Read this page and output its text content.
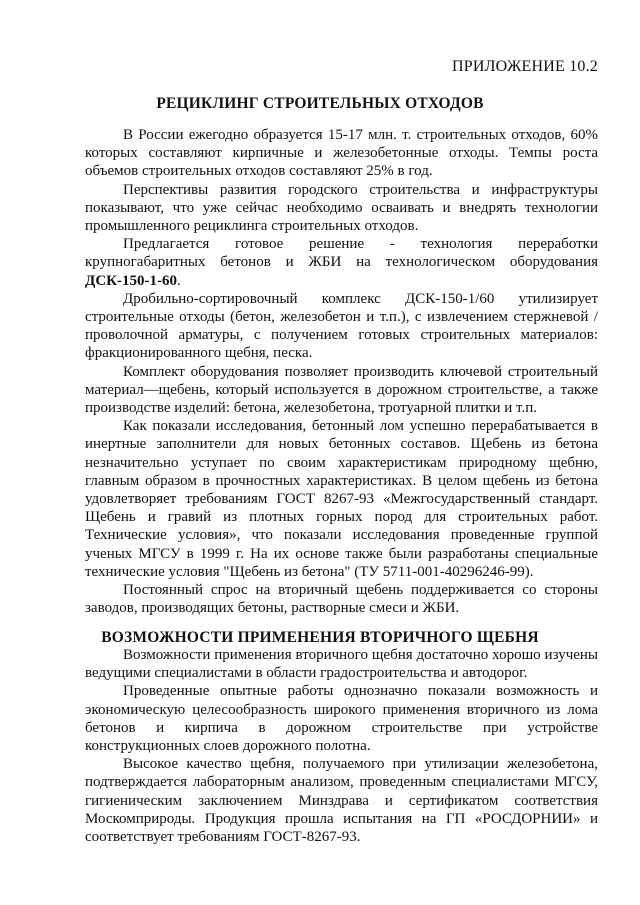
ПРИЛОЖЕНИЕ 10.2
РЕЦИКЛИНГ СТРОИТЕЛЬНЫХ ОТХОДОВ

В России ежегодно образуется 15-17 млн. т. строительных отходов, 60% которых составляют кирпичные и железобетонные отходы. Темпы роста объемов строительных отходов составляют 25% в год.

Перспективы развития городского строительства и инфраструктуры показывают, что уже сейчас необходимо осваивать и внедрять технологии промышленного рециклинга строительных отходов.

Предлагается готовое решение - технология переработки крупногабаритных бетонов и ЖБИ на технологическом оборудования ДСК-150-1-60.

Дробильно-сортировочный комплекс ДСК-150-1/60 утилизирует строительные отходы (бетон, железобетон и т.п.), с извлечением стержневой /проволочной арматуры, с получением готовых строительных материалов: фракционированного щебня, песка.

Комплект оборудования позволяет производить ключевой строительный материал—щебень, который используется в дорожном строительстве, а также производстве изделий: бетона, железобетона, тротуарной плитки и т.п.

Как показали исследования, бетонный лом успешно перерабатывается в инертные заполнители для новых бетонных составов. Щебень из бетона незначительно уступает по своим характеристикам природному щебню, главным образом в прочностных характеристиках. В целом щебень из бетона удовлетворяет требованиям ГОСТ 8267-93 «Межгосударственный стандарт. Щебень и гравий из плотных горных пород для строительных работ. Технические условия», что показали исследования проведенные группой ученых МГСУ в 1999 г. На их основе также были разработаны специальные технические условия "Щебень из бетона" (ТУ 5711-001-40296246-99).

Постоянный спрос на вторичный щебень поддерживается со стороны заводов, производящих бетоны, растворные смеси и ЖБИ.

ВОЗМОЖНОСТИ ПРИМЕНЕНИЯ ВТОРИЧНОГО ЩЕБНЯ

Возможности применения вторичного щебня достаточно хорошо изучены ведущими специалистами в области градостроительства и автодорог.

Проведенные опытные работы однозначно показали возможность и экономическую целесообразность широкого применения вторичного из лома бетонов и кирпича в дорожном строительстве при устройстве конструкционных слоев дорожного полотна.

Высокое качество щебня, получаемого при утилизации железобетона, подтверждается лабораторным анализом, проведенным специалистами МГСУ, гигиеническим заключением Минздрава и сертификатом соответствия Москомприроды. Продукция прошла испытания на ГП «РОСДОРНИИ» и соответствует требованиям ГОСТ-8267-93.
